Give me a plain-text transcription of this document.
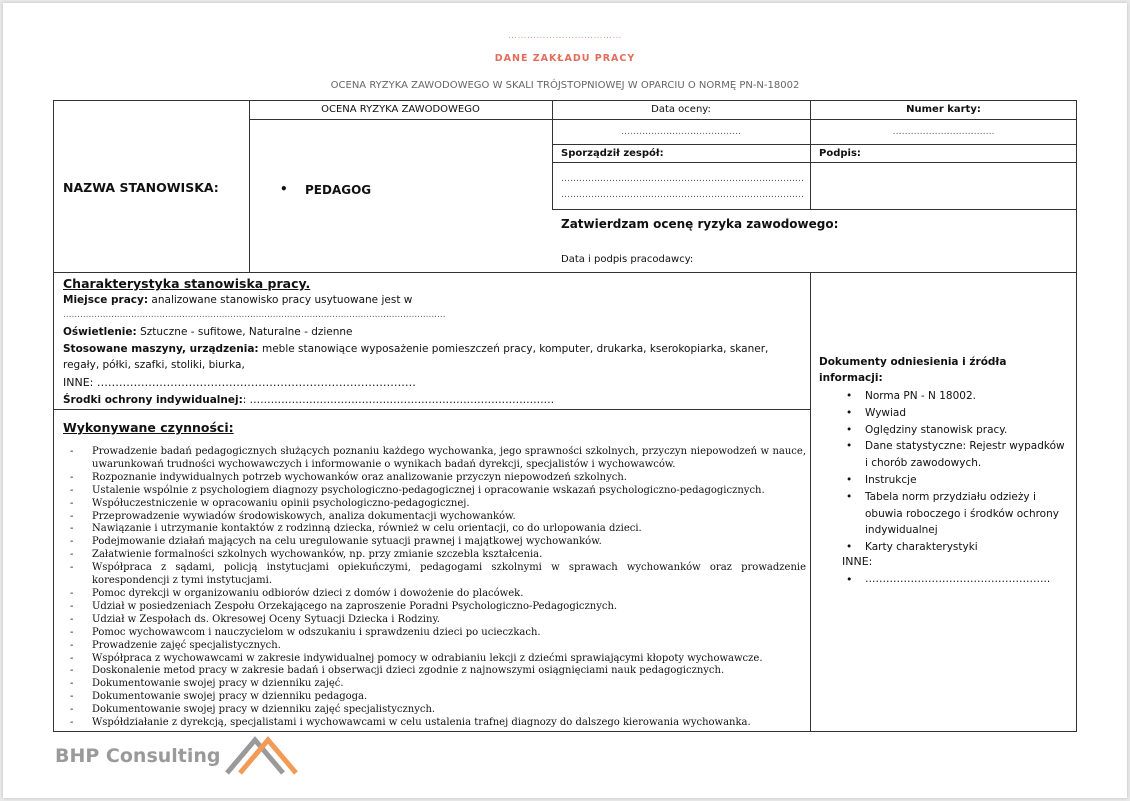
………………………………
DANE ZAKŁADU PRACY
OCENA RYZYKA ZAWODOWEGO W SKALI TRÓJSTOPNIOWEJ W OPARCIU O NORMĘ PN-N-18002
NAZWA STANOWISKA:
OCENA RYZYKA ZAWODOWEGO
• PEDAGOG
Data oceny:
………………………………….
Numer karty:
…………………………….
Sporządził zespół:
………………………………………………………………………
………………………………………………………………………
Podpis:
Zatwierdzam ocenę ryzyka zawodowego:
Data i podpis pracodawcy:
Charakterystyka stanowiska pracy.
Miejsce pracy: analizowane stanowisko pracy usytuowane jest w
………………………………………………………………………………………………………………………
Oświetlenie: Sztuczne - sufitowe, Naturalne - dzienne
Stosowane maszyny, urządzenia: meble stanowiące wyposażenie pomieszczeń pracy, komputer, drukarka, kserokopiarka, skaner,
regały, półki, szafki, stoliki, biurka,
INNE: ……………………………………………………………………………
Środki ochrony indywidualnej:: ……………………………………………………………………………
Wykonywane czynności:
- Prowadzenie badań pedagogicznych służących poznaniu każdego wychowanka, jego sprawności szkolnych, przyczyn niepowodzeń w nauce, uwarunkowań trudności wychowawczych i informowanie o wynikach badań dyrekcji, specjalistów i wychowawców.
- Rozpoznanie indywidualnych potrzeb wychowanków oraz analizowanie przyczyn niepowodzeń szkolnych.
- Ustalenie wspólnie z psychologiem diagnozy psychologiczno-pedagogicznej i opracowanie wskazań psychologiczno-pedagogicznych.
- Współuczestniczenie w opracowaniu opinii psychologiczno-pedagogicznej.
- Przeprowadzenie wywiadów środowiskowych, analiza dokumentacji wychowanków.
- Nawiązanie i utrzymanie kontaktów z rodzinną dziecka, również w celu orientacji, co do urlopowania dzieci.
- Podejmowanie działań mających na celu uregulowanie sytuacji prawnej i majątkowej wychowanków.
- Załatwienie formalności szkolnych wychowanków, np. przy zmianie szczebla kształcenia.
- Współpraca z sądami, policją instytucjami opiekuńczymi, pedagogami szkolnymi w sprawach wychowanków oraz prowadzenie korespondencji z tymi instytucjami.
- Pomoc dyrekcji w organizowaniu odbiorów dzieci z domów i dowożenie do placówek.
- Udział w posiedzeniach Zespołu Orzekającego na zaproszenie Poradni Psychologiczno-Pedagogicznych.
- Udział w Zespołach ds. Okresowej Oceny Sytuacji Dziecka i Rodziny.
- Pomoc wychowawcom i nauczycielom w odszukaniu i sprawdzeniu dzieci po ucieczkach.
- Prowadzenie zajęć specjalistycznych.
- Współpraca z wychowawcami w zakresie indywidualnej pomocy w odrabianiu lekcji z dziećmi sprawiającymi kłopoty wychowawcze.
- Doskonalenie metod pracy w zakresie badań i obserwacji dzieci zgodnie z najnowszymi osiągnięciami nauk pedagogicznych.
- Dokumentowanie swojej pracy w dzienniku zajęć.
- Dokumentowanie swojej pracy w dzienniku pedagoga.
- Dokumentowanie swojej pracy w dzienniku zajęć specjalistycznych.
- Współdziałanie z dyrekcją, specjalistami i wychowawcami w celu ustalenia trafnej diagnozy do dalszego kierowania wychowanka.
Dokumenty odniesienia i źródła informacji:
• Norma PN - N 18002.
• Wywiad
• Oględziny stanowisk pracy.
• Dane statystyczne: Rejestr wypadków i chorób zawodowych.
• Instrukcje
• Tabela norm przydziału odzieży i obuwia roboczego i środków ochrony indywidualnej
• Karty charakterystyki
INNE:
• ……………………………………………..
BHP Consulting
